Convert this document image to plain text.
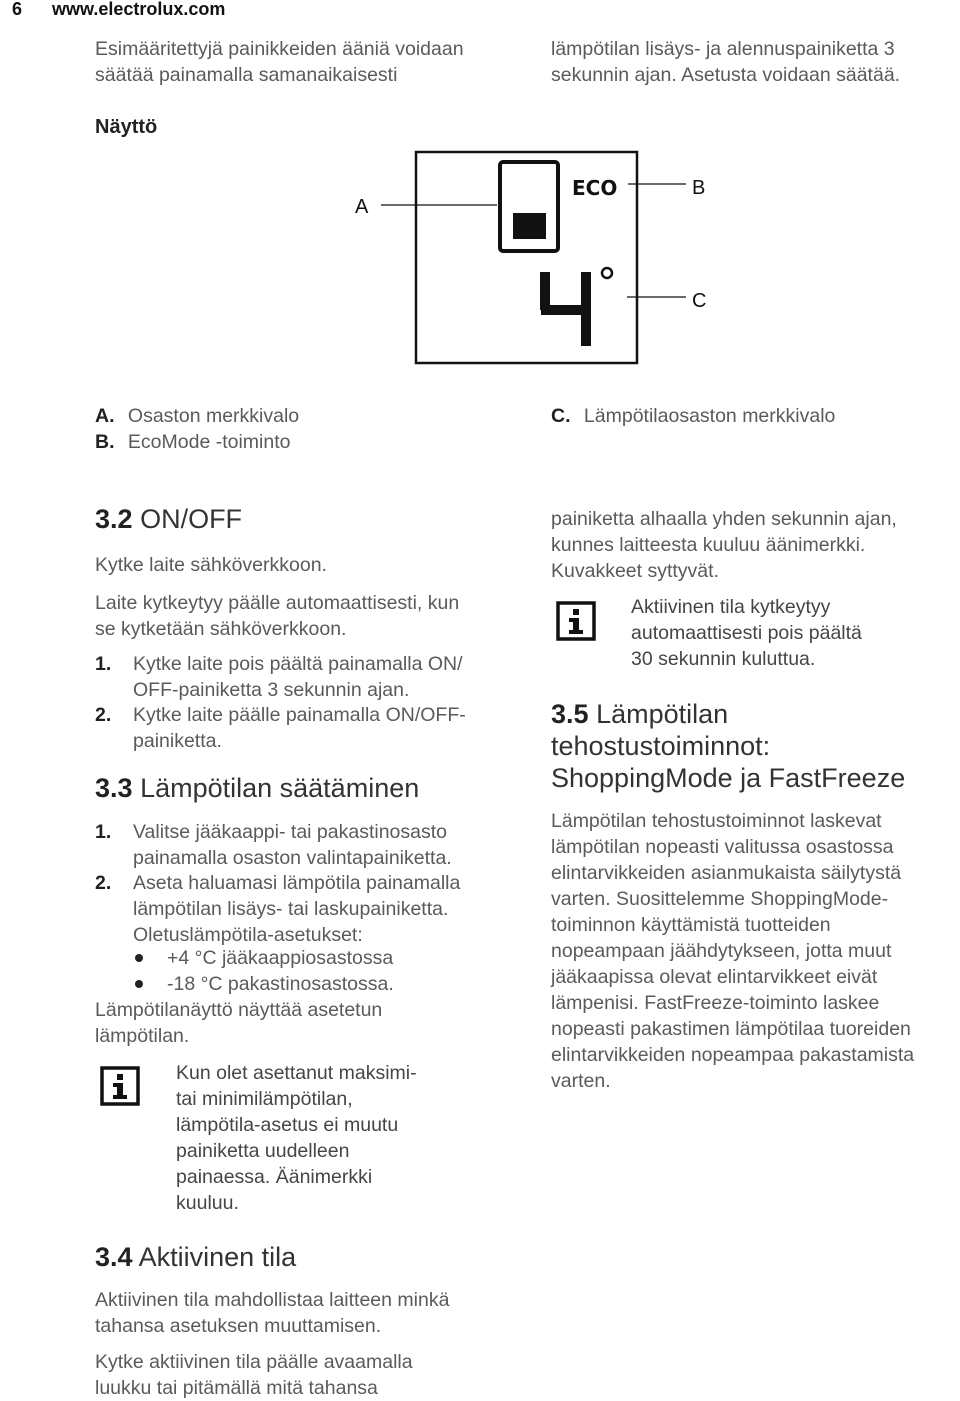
6 www.electrolux.com
Esimääritettyjä painikkeiden ääniä voidaan
säätää painamalla samanaikaisesti
lämpötilan lisäys- ja alennuspainiketta 3
sekunnin ajan. Asetusta voidaan säätää.
Näyttö
ECO
A
B
C
A. Osaston merkkivalo
B. EcoMode -toiminto
C. Lämpötilaosaston merkkivalo
3.2 ON/OFF
Kytke laite sähköverkkoon.
Laite kytkeytyy päälle automaattisesti, kun
se kytketään sähköverkkoon.
1. Kytke laite pois päältä painamalla ON/
OFF-painiketta 3 sekunnin ajan.
2. Kytke laite päälle painamalla ON/OFF-
painiketta.
3.3 Lämpötilan säätäminen
1. Valitse jääkaappi- tai pakastinosasto
painamalla osaston valintapainiketta.
2. Aseta haluamasi lämpötila painamalla
lämpötilan lisäys- tai laskupainiketta.
Oletuslämpötila-asetukset:
+4 °C jääkaappiosastossa
-18 °C pakastinosastossa.
Lämpötilanäyttö näyttää asetetun
lämpötilan.
Kun olet asettanut maksimi-
tai minimilämpötilan,
lämpötila-asetus ei muutu
painiketta uudelleen
painaessa. Äänimerkki
kuuluu.
3.4 Aktiivinen tila
Aktiivinen tila mahdollistaa laitteen minkä
tahansa asetuksen muuttamisen.
Kytke aktiivinen tila päälle avaamalla
luukku tai pitämällä mitä tahansa
painiketta alhaalla yhden sekunnin ajan,
kunnes laitteesta kuuluu äänimerkki.
Kuvakkeet syttyvät.
Aktiivinen tila kytkeytyy
automaattisesti pois päältä
30 sekunnin kuluttua.
3.5 Lämpötilan
tehostustoiminnot:
ShoppingMode ja FastFreeze
Lämpötilan tehostustoiminnot laskevat
lämpötilan nopeasti valitussa osastossa
elintarvikkeiden asianmukaista säilytystä
varten. Suosittelemme ShoppingMode-
toiminnon käyttämistä tuotteiden
nopeampaan jäähdytykseen, jotta muut
jääkaapissa olevat elintarvikkeet eivät
lämpenisi. FastFreeze-toiminto laskee
nopeasti pakastimen lämpötilaa tuoreiden
elintarvikkeiden nopeampaa pakastamista
varten.
